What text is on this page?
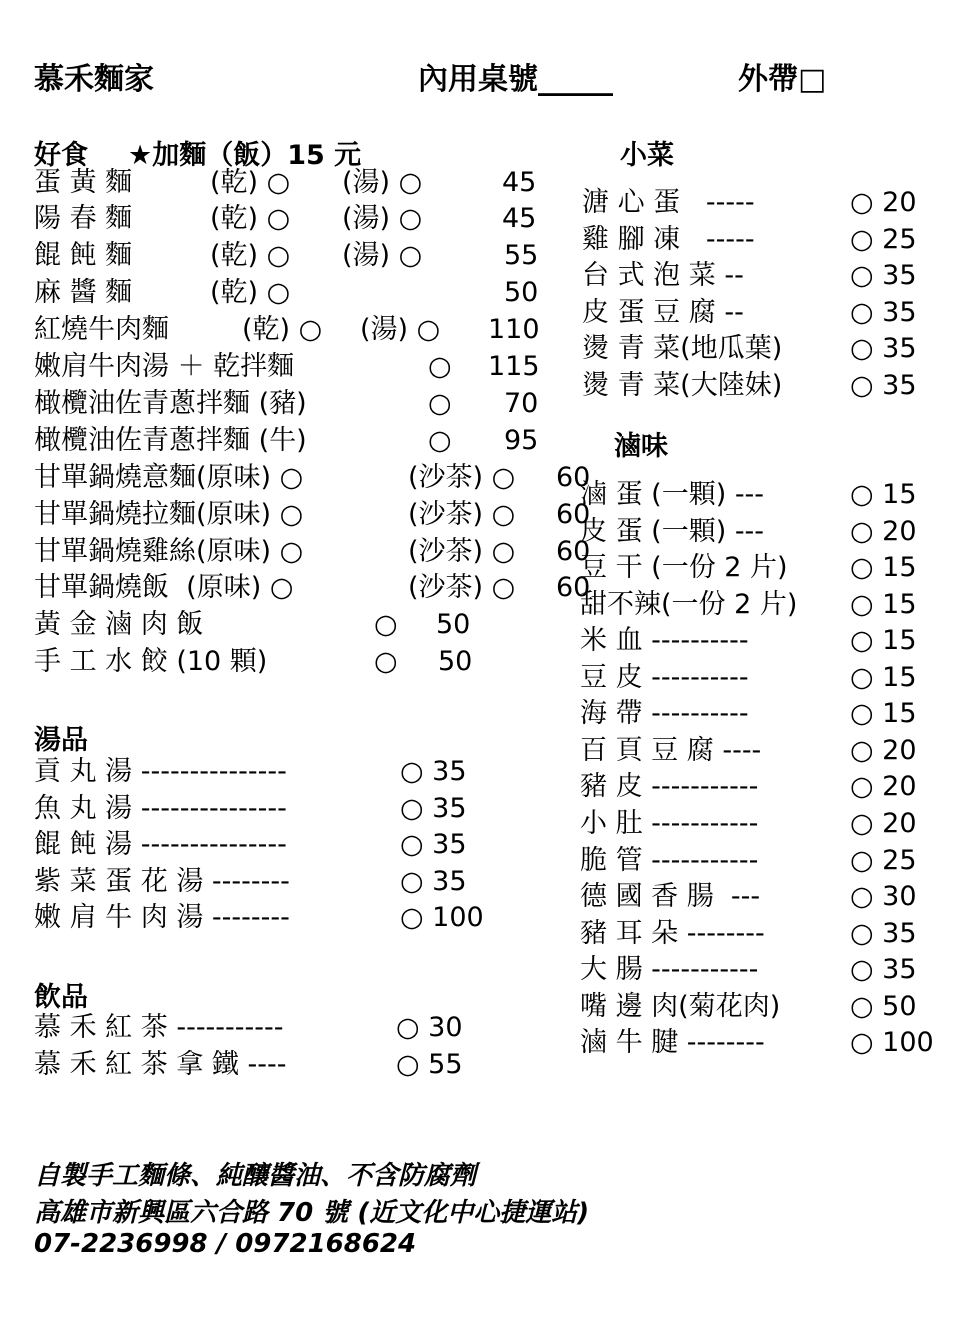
慕禾麵家	內用桌號_____	外帶□
好食 ★加麵（飯）15 元
蛋 黃 麵	(乾) ○ (湯) ○	45
陽 春 麵	(乾) ○ (湯) ○	45
餛 飩 麵	(乾) ○ (湯) ○	55
麻 醬 麵	(乾) ○	50
紅燒牛肉麵	(乾) ○ (湯) ○ 110
嫩肩牛肉湯 ＋ 乾拌麵	○ 115
橄欖油佐青蔥拌麵 (豬)	○ 70
橄欖油佐青蔥拌麵 (牛)	○ 95
甘單鍋燒意麵(原味) ○	(沙茶) ○ 60
甘單鍋燒拉麵(原味) ○	(沙茶) ○ 60
甘單鍋燒雞絲(原味) ○	(沙茶) ○ 60
甘單鍋燒飯  (原味) ○	(沙茶) ○ 60
黃 金 滷 肉 飯	○ 50
手 工 水 餃 (10 顆)	○ 50
湯品
貢 丸 湯 ---------------	○ 35
魚 丸 湯 ---------------	○ 35
餛 飩 湯 ---------------	○ 35
紫 菜 蛋 花 湯 --------	○ 35
嫩 肩 牛 肉 湯 --------	○ 100
飲品
慕 禾 紅 茶 -----------	○ 30
慕 禾 紅 茶 拿 鐵 ----	○ 55
小菜
溏 心 蛋   -----	○ 20
雞 腳 凍   -----	○ 25
台 式 泡 菜 --	○ 35
皮 蛋 豆 腐 --	○ 35
燙 青 菜(地瓜葉)	○ 35
燙 青 菜(大陸妹)	○ 35
滷味
滷 蛋 (一顆) ---	○ 15
皮 蛋 (一顆) ---	○ 20
豆 干 (一份 2 片) ○ 15
甜不辣(一份 2 片) ○ 15
米 血 ----------	○ 15
豆 皮 ----------	○ 15
海 帶 ----------	○ 15
百 頁 豆 腐 ----	○ 20
豬 皮 -----------	○ 20
小 肚 -----------	○ 20
脆 管 -----------	○ 25
德 國 香 腸  ---	○ 30
豬 耳 朵 --------	○ 35
大 腸 -----------	○ 35
嘴 邊 肉(菊花肉)	○ 50
滷 牛 腱 --------	○ 100
自製手工麵條、純釀醬油、不含防腐劑
高雄市新興區六合路 70 號 (近文化中心捷運站)
07-2236998 / 0972168624
